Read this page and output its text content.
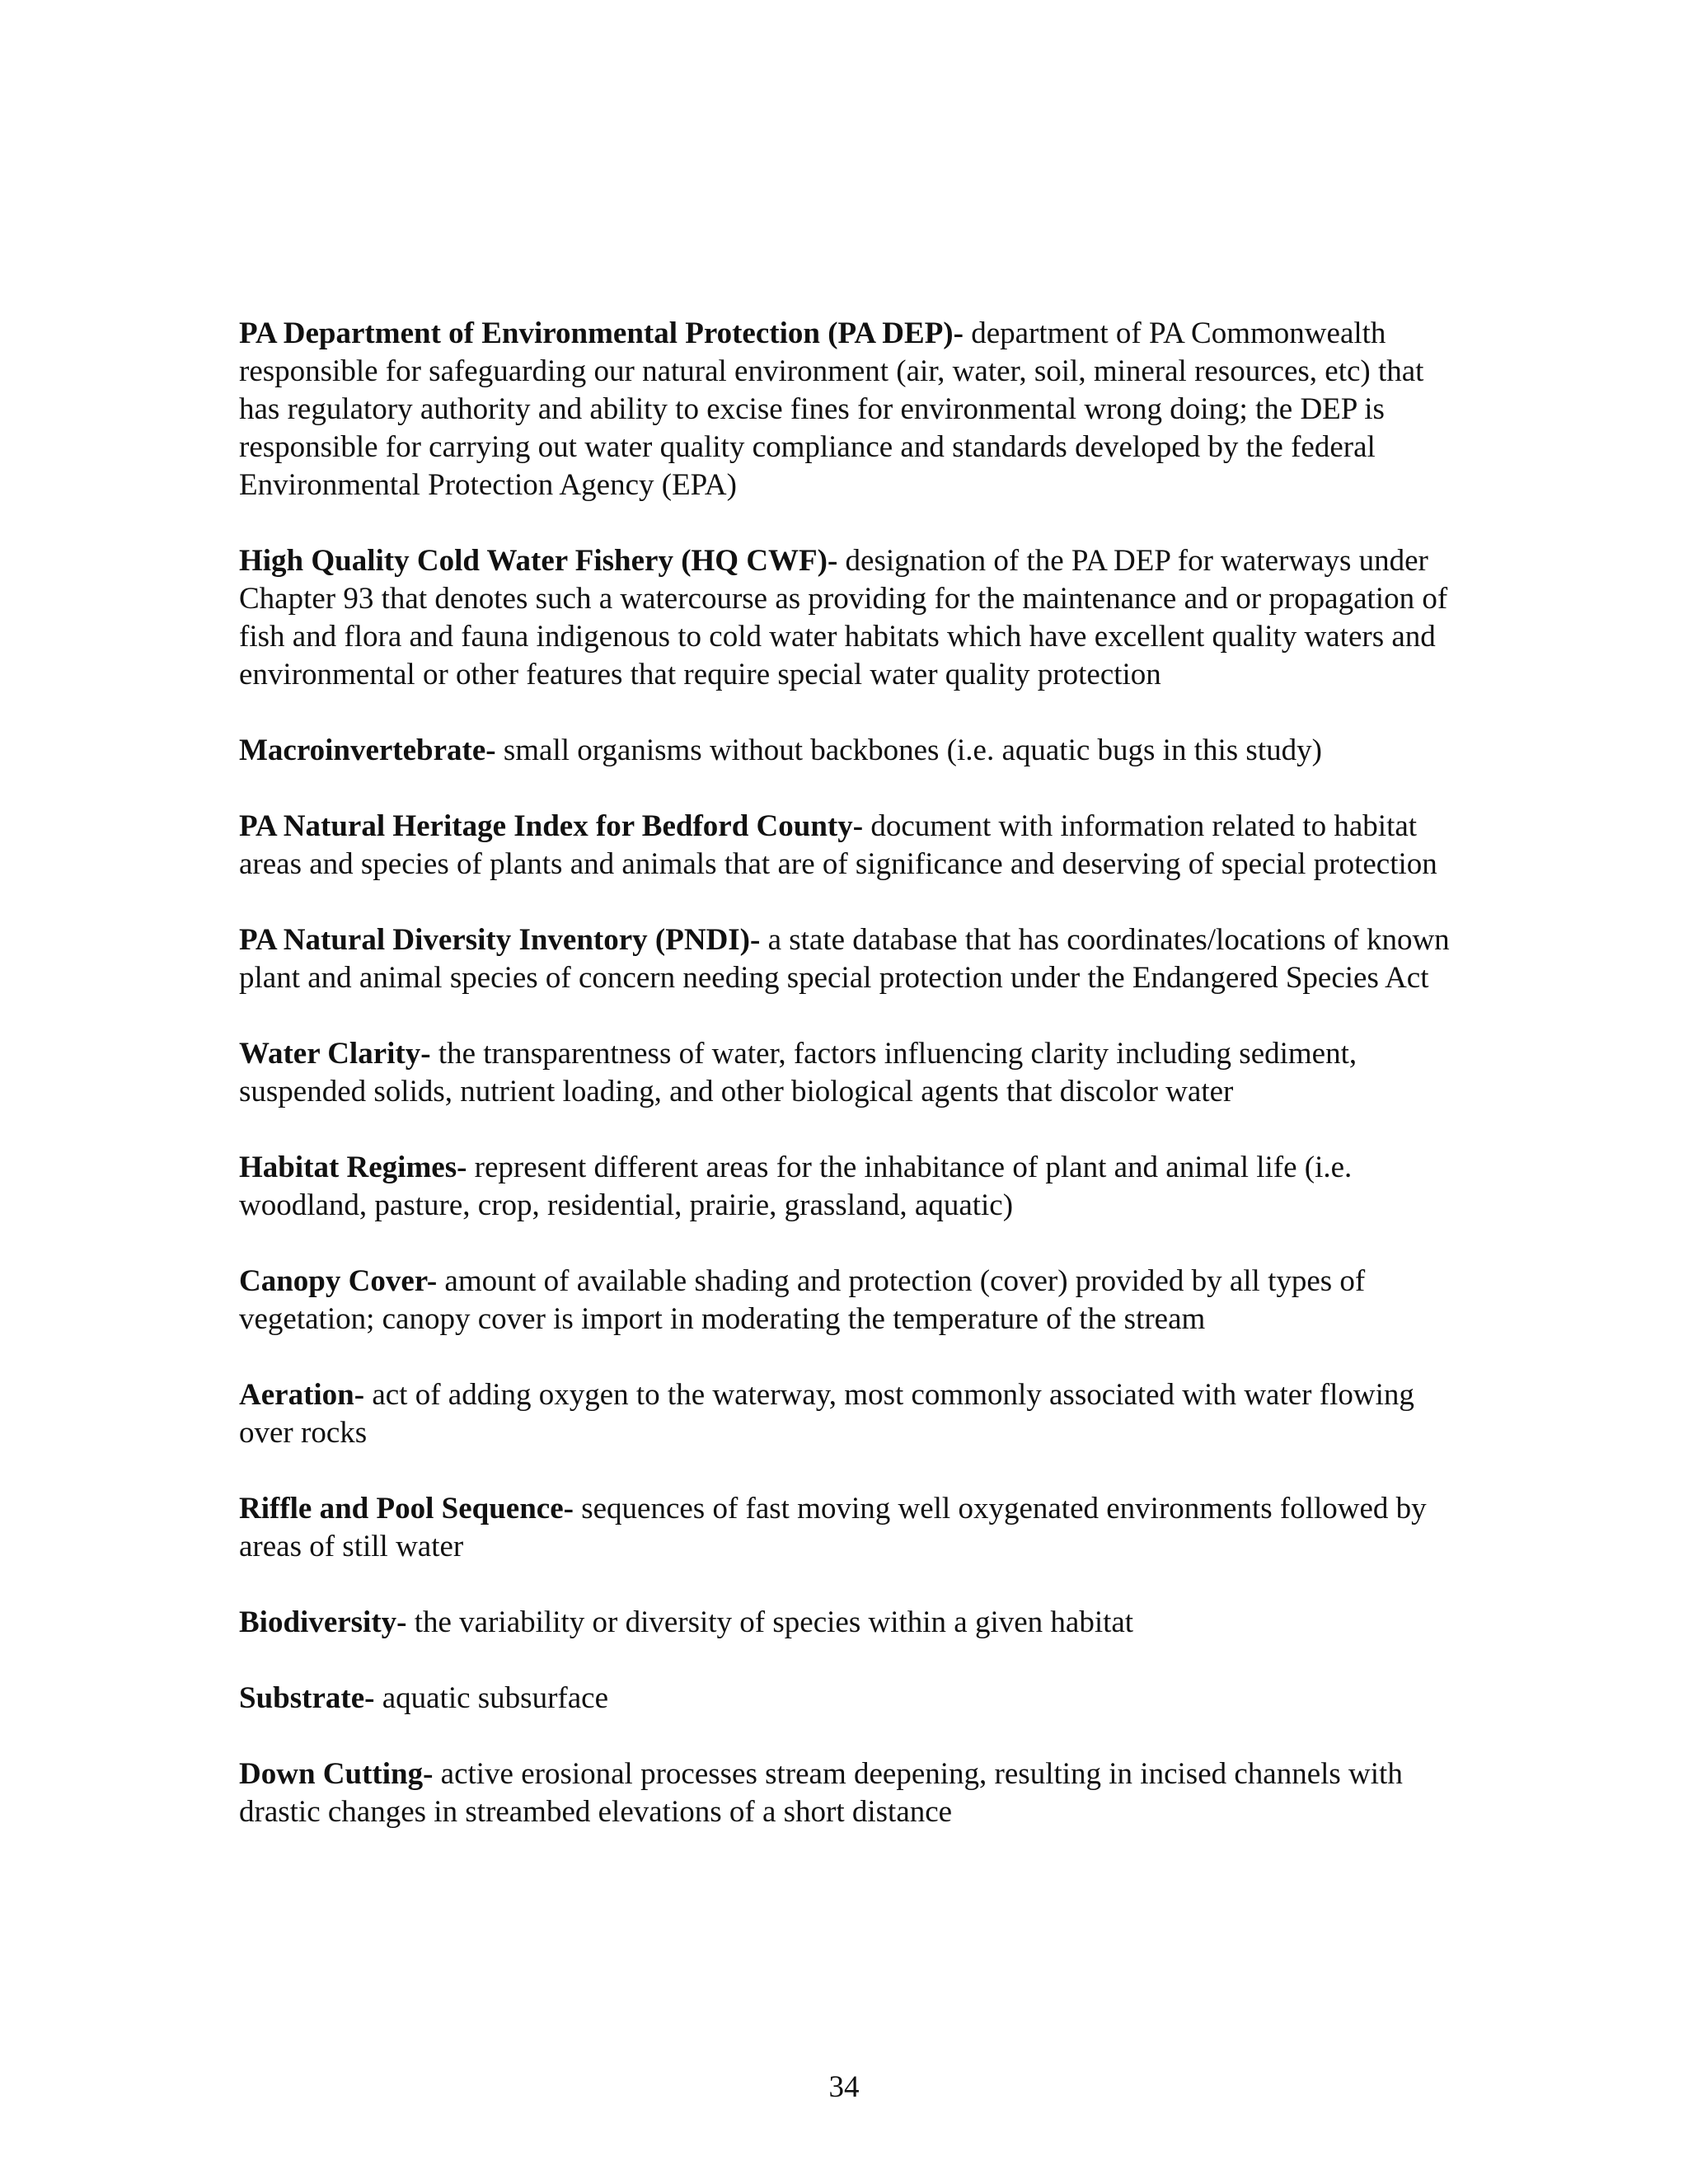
PA Department of Environmental Protection (PA DEP)- department of PA Commonwealth responsible for safeguarding our natural environment (air, water, soil, mineral resources, etc) that has regulatory authority and ability to excise fines for environmental wrong doing; the DEP is responsible for carrying out water quality compliance and standards developed by the federal Environmental Protection Agency (EPA)

High Quality Cold Water Fishery (HQ CWF)- designation of the PA DEP for waterways under Chapter 93 that denotes such a watercourse as providing for the maintenance and or propagation of fish and flora and fauna indigenous to cold water habitats which have excellent quality waters and environmental or other features that require special water quality protection

Macroinvertebrate- small organisms without backbones (i.e. aquatic bugs in this study)

PA Natural Heritage Index for Bedford County- document with information related to habitat areas and species of plants and animals that are of significance and deserving of special protection

PA Natural Diversity Inventory (PNDI)- a state database that has coordinates/locations of known plant and animal species of concern needing special protection under the Endangered Species Act

Water Clarity- the transparentness of water, factors influencing clarity including sediment, suspended solids, nutrient loading, and other biological agents that discolor water

Habitat Regimes- represent different areas for the inhabitance of plant and animal life (i.e. woodland, pasture, crop, residential, prairie, grassland, aquatic)

Canopy Cover- amount of available shading and protection (cover) provided by all types of vegetation; canopy cover is import in moderating the temperature of the stream

Aeration- act of adding oxygen to the waterway, most commonly associated with water flowing over rocks

Riffle and Pool Sequence- sequences of fast moving well oxygenated environments followed by areas of still water

Biodiversity- the variability or diversity of species within a given habitat

Substrate- aquatic subsurface

Down Cutting- active erosional processes stream deepening, resulting in incised channels with drastic changes in streambed elevations of a short distance

34
